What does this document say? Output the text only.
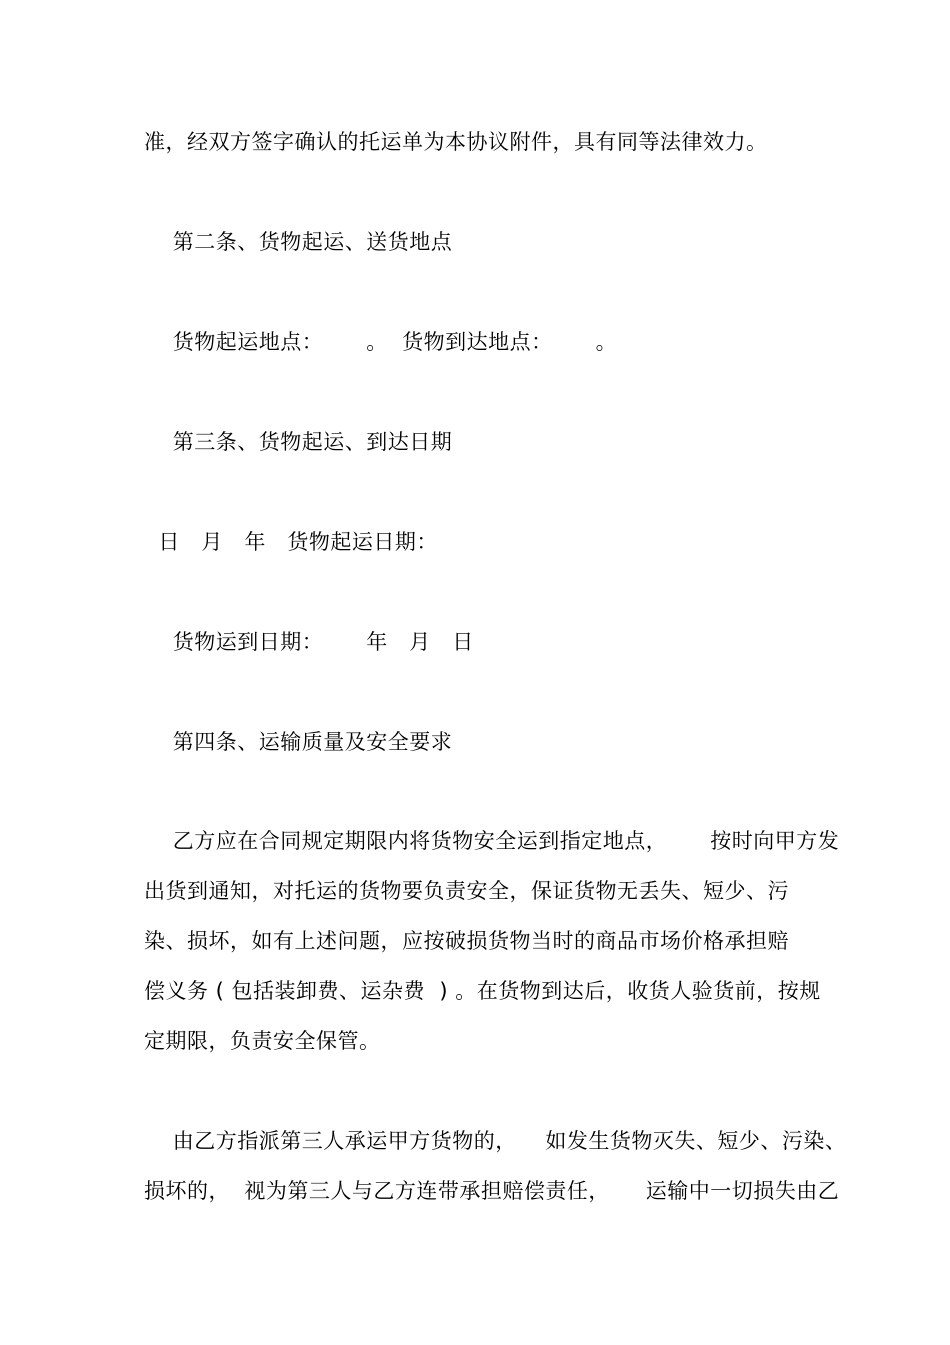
准，经双方签字确认的托运单为本协议附件，具有同等法律效力。
第二条、货物起运、送货地点
货物起运地点：      。  货物到达地点：      。
第三条、货物起运、到达日期
日   月   年   货物起运日期：
货物运到日期：      年   月   日
第四条、运输质量及安全要求
乙方应在合同规定期限内将货物安全运到指定地点，      按时向甲方发
出货到通知，对托运的货物要负责安全，保证货物无丢失、短少、污
染、损坏，如有上述问题，应按破损货物当时的商品市场价格承担赔
偿义务 ( 包括装卸费、运杂费  ) 。在货物到达后，收货人验货前，按规
定期限，负责安全保管。
由乙方指派第三人承运甲方货物的，    如发生货物灭失、短少、污染、
损坏的，  视为第三人与乙方连带承担赔偿责任，     运输中一切损失由乙
